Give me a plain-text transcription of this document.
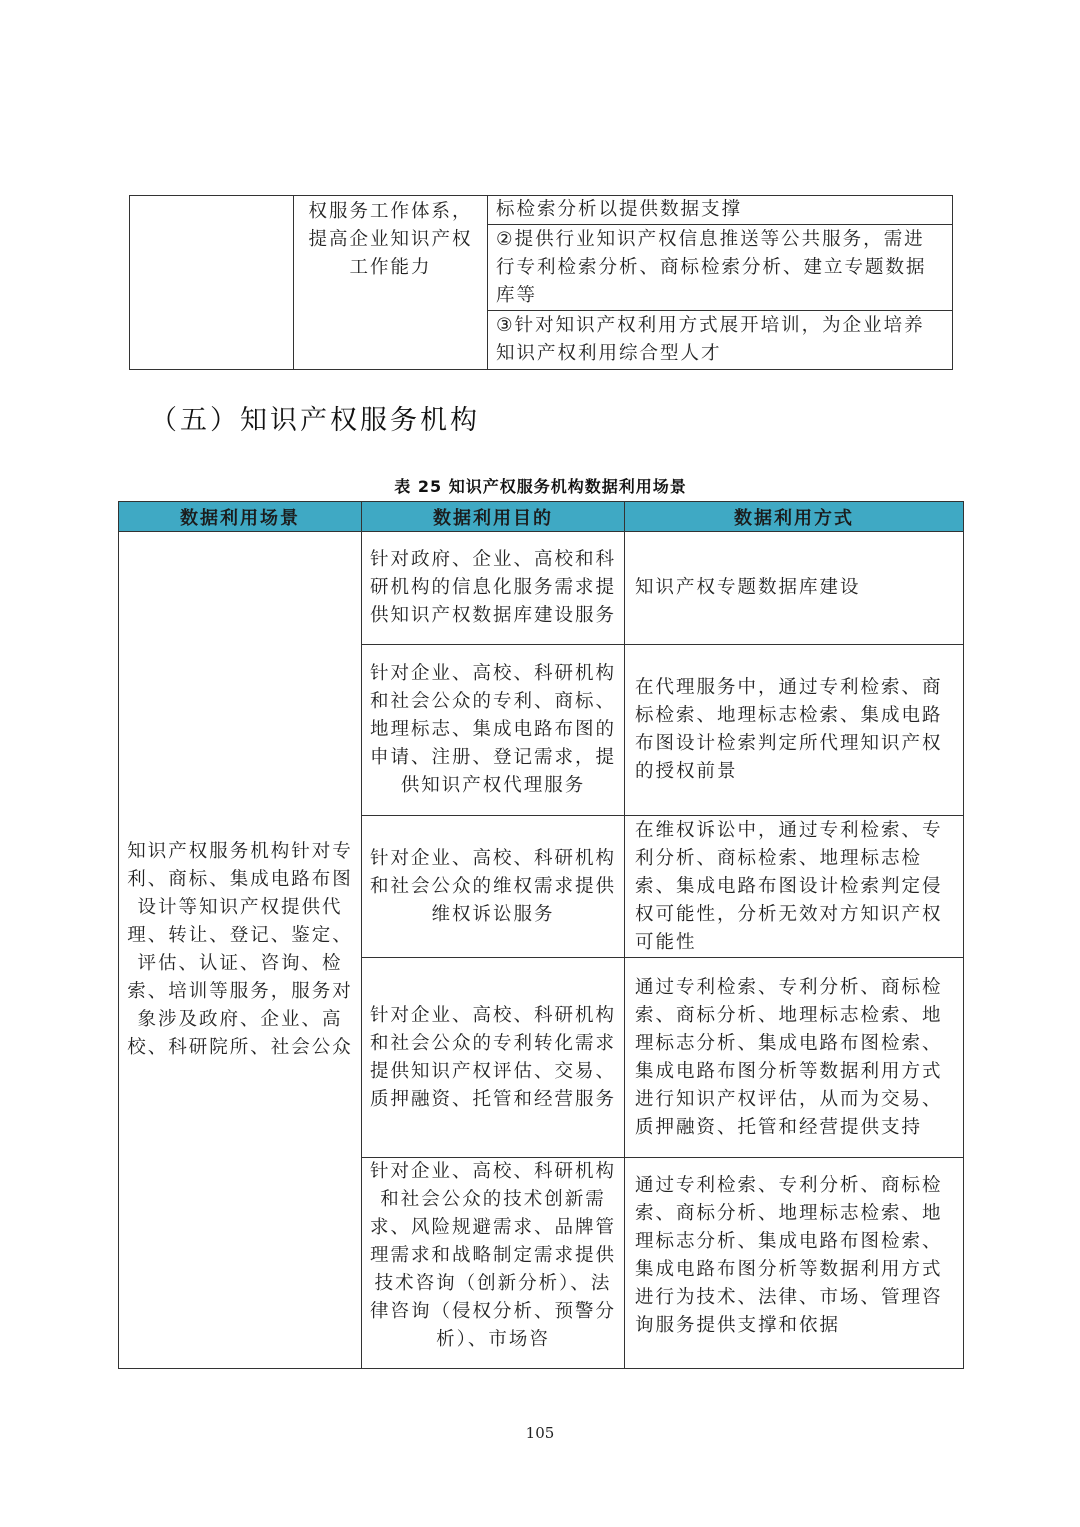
	权服务工作体系，提高企业知识产权工作能力	标检索分析以提供数据支撑
②提供行业知识产权信息推送等公共服务，需进行专利检索分析、商标检索分析、建立专题数据库等
③针对知识产权利用方式展开培训，为企业培养知识产权利用综合型人才
（五）知识产权服务机构
表 25 知识产权服务机构数据利用场景
数据利用场景	数据利用目的	数据利用方式
知识产权服务机构针对专利、商标、集成电路布图设计等知识产权提供代理、转让、登记、鉴定、评估、认证、咨询、检索、培训等服务，服务对象涉及政府、企业、高校、科研院所、社会公众	针对政府、企业、高校和科研机构的信息化服务需求提供知识产权数据库建设服务	知识产权专题数据库建设
	针对企业、高校、科研机构和社会公众的专利、商标、地理标志、集成电路布图的申请、注册、登记需求，提供知识产权代理服务	在代理服务中，通过专利检索、商标检索、地理标志检索、集成电路布图设计检索判定所代理知识产权的授权前景
	针对企业、高校、科研机构和社会公众的维权需求提供维权诉讼服务	在维权诉讼中，通过专利检索、专利分析、商标检索、地理标志检索、集成电路布图设计检索判定侵权可能性，分析无效对方知识产权可能性
	针对企业、高校、科研机构和社会公众的专利转化需求提供知识产权评估、交易、质押融资、托管和经营服务	通过专利检索、专利分析、商标检索、商标分析、地理标志检索、地理标志分析、集成电路布图检索、集成电路布图分析等数据利用方式进行知识产权评估，从而为交易、质押融资、托管和经营提供支持

	针对企业、高校、科研机构和社会公众的技术创新需求、风险规避需求、品牌管理需求和战略制定需求提供技术咨询（创新分析）、法律咨询（侵权分析、预警分析）、市场咨	通过专利检索、专利分析、商标检索、商标分析、地理标志检索、地理标志分析、集成电路布图检索、集成电路布图分析等数据利用方式进行为技术、法律、市场、管理咨询服务提供支撑和依据
105
